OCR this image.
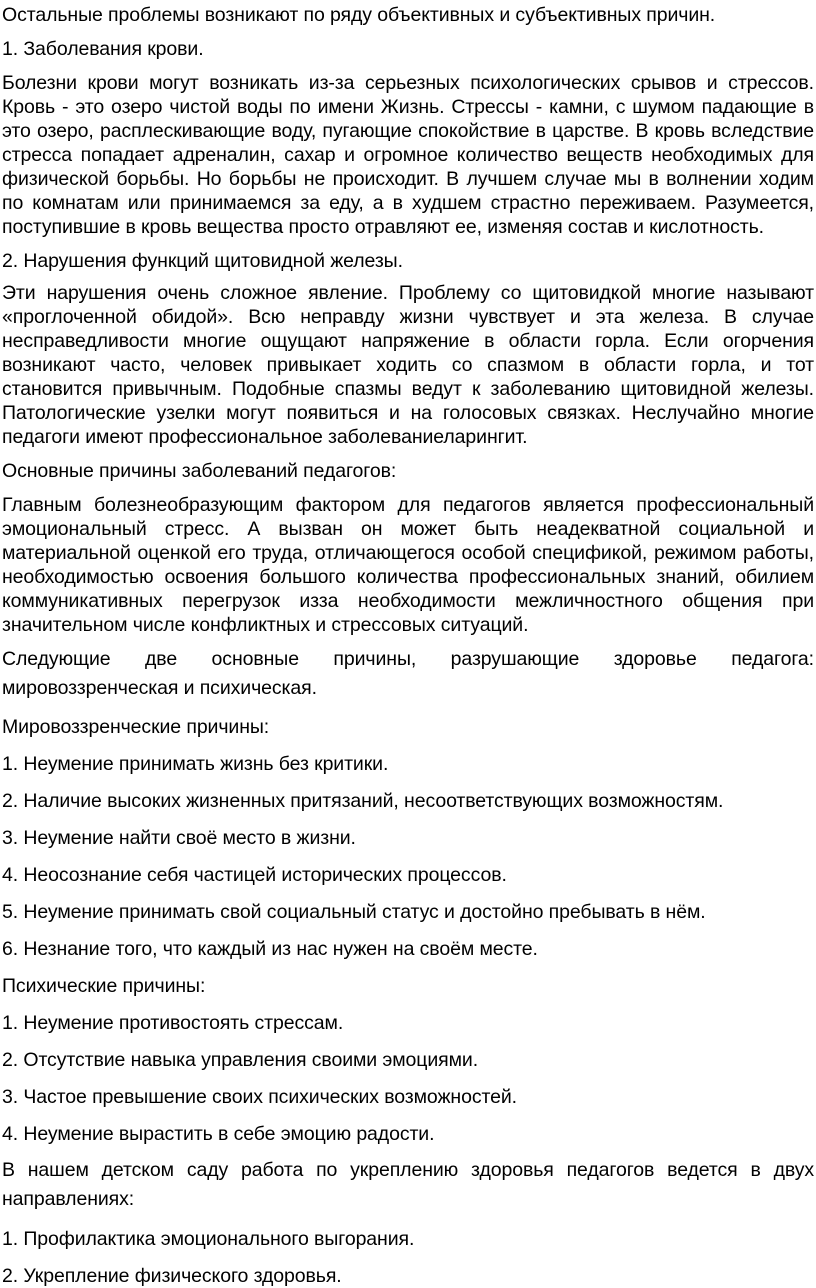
Остальные проблемы возникают по ряду объективных и субъективных причин.

1. Заболевания крови.

Болезни крови могут возникать из-за серьезных психологических срывов и стрессов. Кровь - это озеро чистой воды по имени Жизнь. Стрессы - камни, с шумом падающие в это озеро, расплескивающие воду, пугающие спокойствие в царстве. В кровь вследствие стресса попадает адреналин, сахар и огромное количество веществ необходимых для физической борьбы. Но борьбы не происходит. В лучшем случае мы в волнении ходим по комнатам или принимаемся за еду, а в худшем страстно переживаем. Разумеется, поступившие в кровь вещества просто отравляют ее, изменяя состав и кислотность.

2. Нарушения функций щитовидной железы.

Эти нарушения очень сложное явление. Проблему со щитовидкой многие называют «проглоченной обидой». Всю неправду жизни чувствует и эта железа. В случае несправедливости многие ощущают напряжение в области горла. Если огорчения возникают часто, человек привыкает ходить со спазмом в области горла, и тот становится привычным. Подобные спазмы ведут к заболеванию щитовидной железы. Патологические узелки могут появиться и на голосовых связках. Неслучайно многие педагоги имеют профессиональное заболеваниеларингит.

Основные причины заболеваний педагогов:

Главным болезнеобразующим фактором для педагогов является профессиональный эмоциональный стресс. А вызван он может быть неадекватной социальной и материальной оценкой его труда, отличающегося особой спецификой, режимом работы, необходимостью освоения большого количества профессиональных знаний, обилием коммуникативных перегрузок изза необходимости межличностного общения при значительном числе конфликтных и стрессовых ситуаций.

Следующие две основные причины, разрушающие здоровье педагога: мировоззренческая и психическая.

Мировоззренческие причины:

1. Неумение принимать жизнь без критики.

2. Наличие высоких жизненных притязаний, несоответствующих возможностям.

3. Неумение найти своё место в жизни.

4. Неосознание себя частицей исторических процессов.

5. Неумение принимать свой социальный статус и достойно пребывать в нём.

6. Незнание того, что каждый из нас нужен на своём месте.

Психические причины:

1. Неумение противостоять стрессам.

2. Отсутствие навыка управления своими эмоциями.

3. Частое превышение своих психических возможностей.

4. Неумение вырастить в себе эмоцию радости.

В нашем детском саду работа по укреплению здоровья педагогов ведется в двух направлениях:

1. Профилактика эмоционального выгорания.

2. Укрепление физического здоровья.
